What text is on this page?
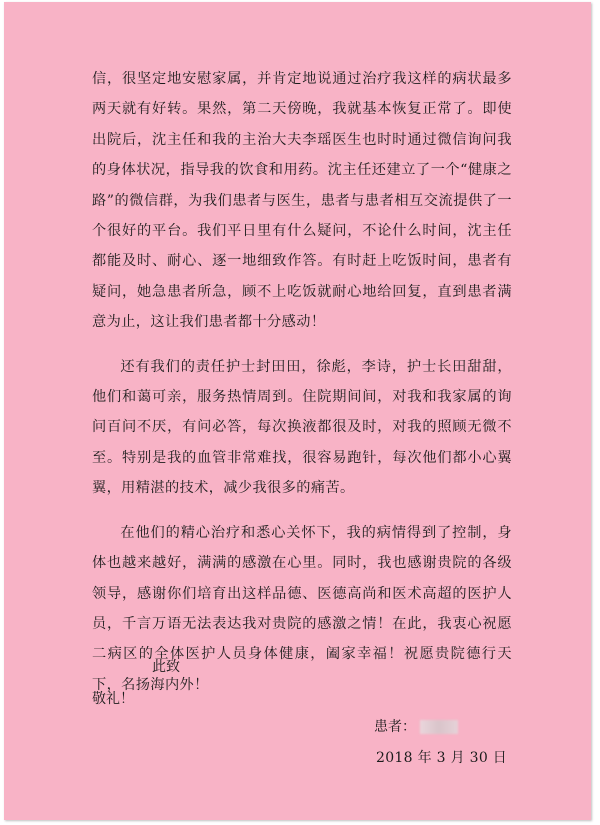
信，很坚定地安慰家属，并肯定地说通过治疗我这样的病状最多两天就有好转。果然，第二天傍晚，我就基本恢复正常了。即使出院后，沈主任和我的主治大夫李瑶医生也时时通过微信询问我的身体状况，指导我的饮食和用药。沈主任还建立了一个“健康之路”的微信群，为我们患者与医生，患者与患者相互交流提供了一个很好的平台。我们平日里有什么疑问，不论什么时间，沈主任都能及时、耐心、逐一地细致作答。有时赶上吃饭时间，患者有疑问，她急患者所急，顾不上吃饭就耐心地给回复，直到患者满意为止，这让我们患者都十分感动！

还有我们的责任护士封田田，徐彪，李诗，护士长田甜甜，他们和蔼可亲，服务热情周到。住院期间间，对我和我家属的询问百问不厌，有问必答，每次换液都很及时，对我的照顾无微不至。特别是我的血管非常难找，很容易跑针，每次他们都小心翼翼，用精湛的技术，减少我很多的痛苦。

在他们的精心治疗和悉心关怀下，我的病情得到了控制，身体也越来越好，满满的感激在心里。同时，我也感谢贵院的各级领导，感谢你们培育出这样品德、医德高尚和医术高超的医护人员，千言万语无法表达我对贵院的感激之情！在此，我衷心祝愿二病区的全体医护人员身体健康，阖家幸福！祝愿贵院德行天下，名扬海内外！

此致
敬礼！
患者：
2018 年 3 月 30 日
